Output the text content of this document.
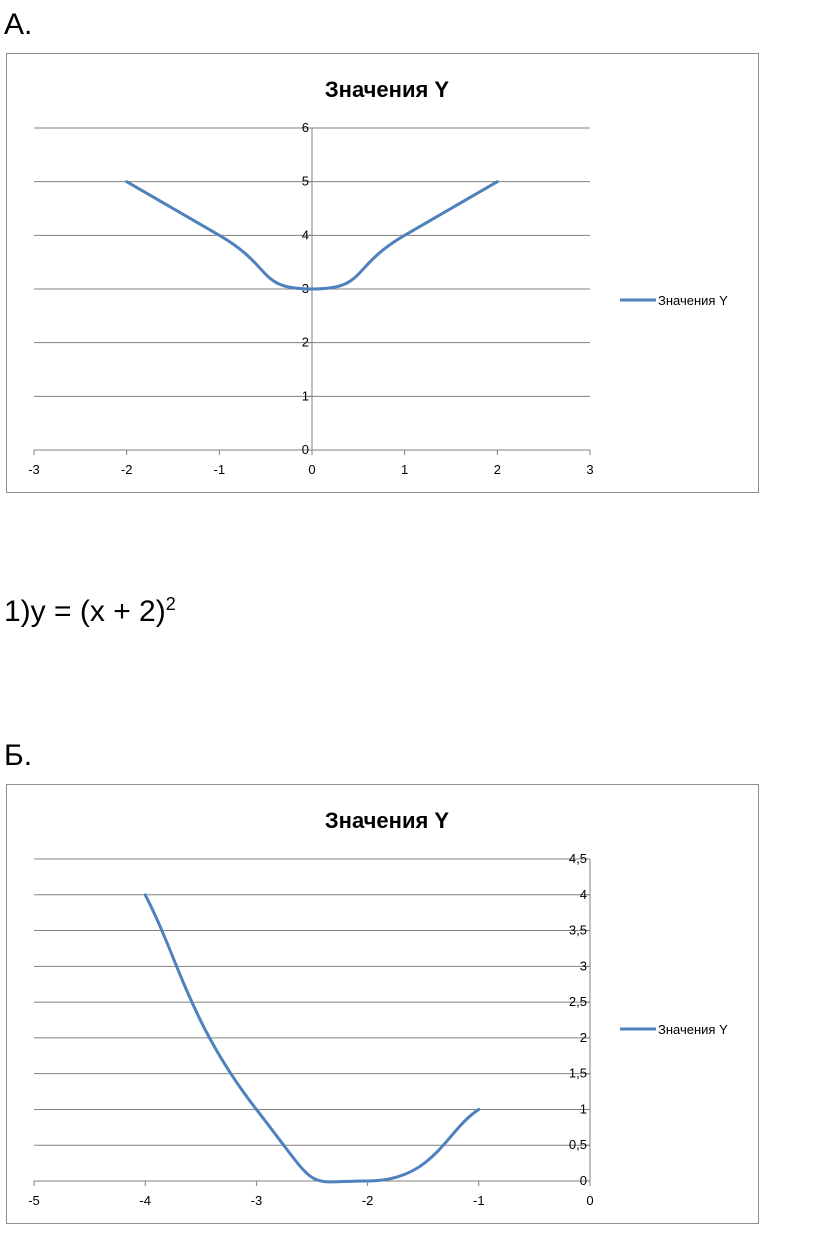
А.
Значения Y
-3	-2	-1	0	1	2	3
0
1
2
3
4
5
6
Значения Y
$1)y = (x + 2)^2$
Б.
Значения Y
-5	-4	-3	-2	-1	0
0
0,5
1
1,5
2
2,5
3
3,5
4
4,5
Значения Y
